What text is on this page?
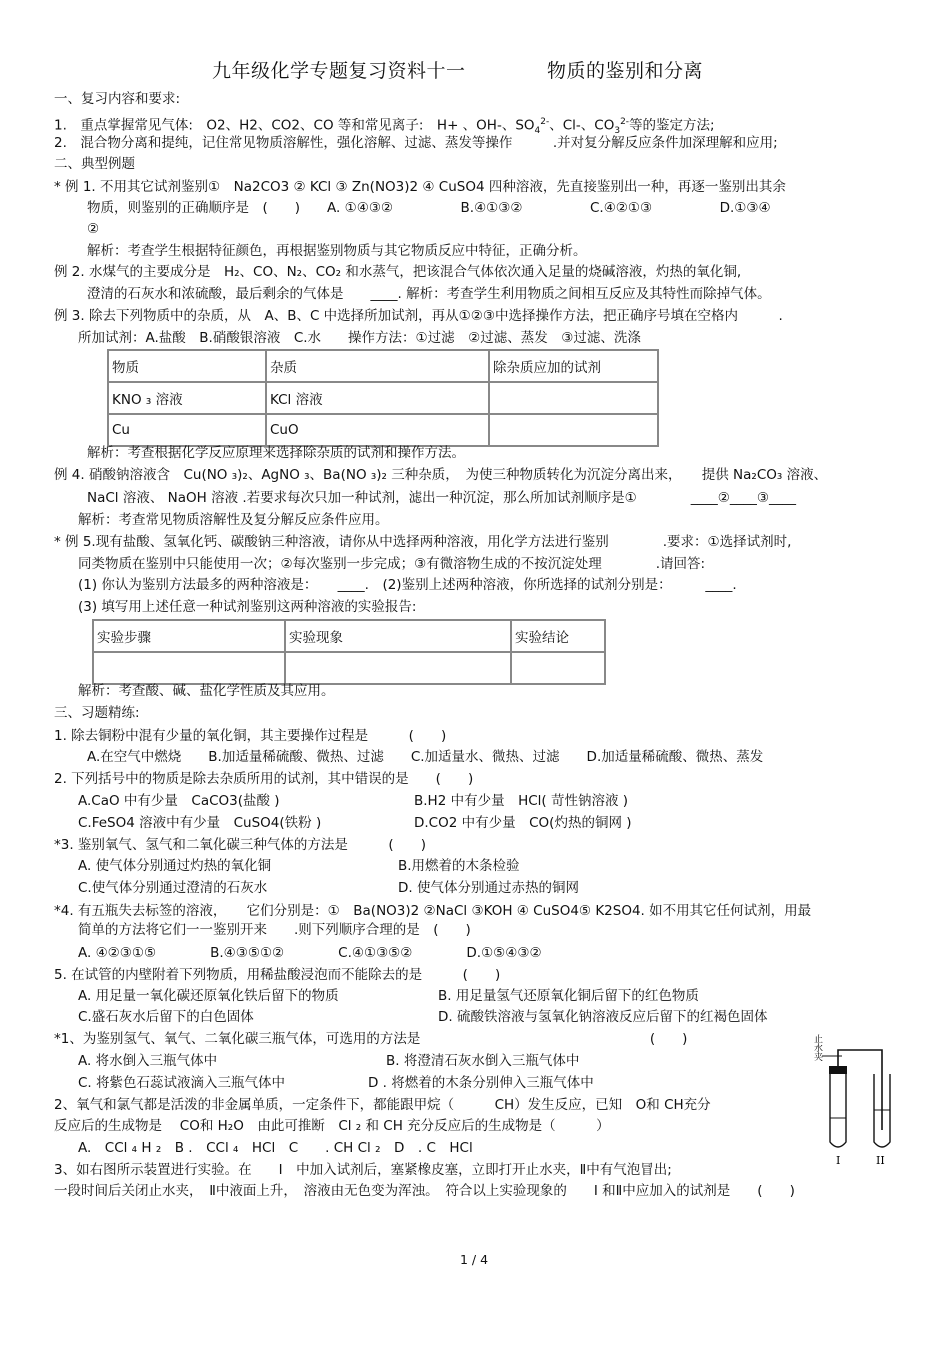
九年级化学专题复习资料十一	物质的鉴别和分离
一、复习内容和要求:
1.　重点掌握常见气体:　O2、H2、CO2、CO 等和常见离子:　H+ 、OH-、$SO_4^{2-}$、Cl-、$CO_3^{2-}$等的鉴定方法;
2.　混合物分离和提纯，记住常见物质溶解性，强化溶解、过滤、蒸发等操作　　　.并对复分解反应条件加深理解和应用;
二、典型例题
* 例 1. 不用其它试剂鉴别①　Na2CO3 ② KCl ③ Zn(NO3)2 ④ CuSO4 四种溶液，先直接鉴别出一种，再逐一鉴别出其余
物质，则鉴别的正确顺序是　(　　)　　A. ①④③②　　　　　B.④①③②　　　　　C.④②①③　　　　　D.①③④
②
解析：考查学生根据特征颜色，再根据鉴别物质与其它物质反应中特征，正确分析。
例 2. 水煤气的主要成分是　H₂、CO、N₂、CO₂ 和水蒸气，把该混合气体依次通入足量的烧碱溶液，灼热的氧化铜,
澄清的石灰水和浓硫酸，最后剩余的气体是　　____. 解析：考查学生利用物质之间相互反应及其特性而除掉气体。
例 3. 除去下列物质中的杂质，从　A、B、C 中选择所加试剂，再从①②③中选择操作方法，把正确序号填在空格内　　　.
所加试剂：A.盐酸　B.硝酸银溶液　C.水　　操作方法：①过滤　②过滤、蒸发　③过滤、洗涤
物质	杂质	除杂质应加的试剂
KNO ₃ 溶液	KCl 溶液	
Cu	CuO	
解析：考查根据化学反应原理来选择除杂质的试剂和操作方法。
例 4. 硝酸钠溶液含　Cu(NO ₃)₂、AgNO ₃、Ba(NO ₃)₂ 三种杂质，　为使三种物质转化为沉淀分离出来，　　提供 Na₂CO₃ 溶液、
NaCl 溶液、 NaOH 溶液 .若要求每次只加一种试剂，滤出一种沉淀，那么所加试剂顺序是①　　　　____②____③____
解析：考查常见物质溶解性及复分解反应条件应用。
* 例 5.现有盐酸、氢氧化钙、碳酸钠三种溶液，请你从中选择两种溶液，用化学方法进行鉴别　　　　.要求：①选择试剂时,
同类物质在鉴别中只能使用一次；②每次鉴别一步完成；③有微溶物生成的不按沉淀处理　　　　.请回答:
(1) 你认为鉴别方法最多的两种溶液是：　　____.　(2)鉴别上述两种溶液，你所选择的试剂分别是：　　　____.
(3) 填写用上述任意一种试剂鉴别这两种溶液的实验报告:
实验步骤	实验现象	实验结论

解析：考查酸、碱、盐化学性质及其应用。
三、习题精练:
1. 除去铜粉中混有少量的氧化铜，其主要操作过程是　　　(　　)
A.在空气中燃烧　　B.加适量稀硫酸、微热、过滤　　C.加适量水、微热、过滤　　D.加适量稀硫酸、微热、蒸发
2. 下列括号中的物质是除去杂质所用的试剂，其中错误的是　　(　　)
A.CaO 中有少量　CaCO3(盐酸 )	B.H2 中有少量　HCl( 苛性钠溶液 )
C.FeSO4 溶液中有少量　CuSO4(铁粉 )	D.CO2 中有少量　CO(灼热的铜网 )
*3. 鉴别氧气、氢气和二氧化碳三种气体的方法是　　　(　　)
A. 使气体分别通过灼热的氧化铜	B.用燃着的木条检验
C.使气体分别通过澄清的石灰水	D. 使气体分别通过赤热的铜网
*4. 有五瓶失去标签的溶液，　　它们分别是：①　Ba(NO3)2 ②NaCl ③KOH ④ CuSO4⑤ K2SO4. 如不用其它任何试剂，用最
简单的方法将它们一一鉴别开来　　.则下列顺序合理的是　(　　)
A. ④②③①⑤　　　　B.④③⑤①②　　　　C.④①③⑤②　　　　D.①⑤④③②
5. 在试管的内壁附着下列物质，用稀盐酸浸泡而不能除去的是　　　(　　)
A. 用足量一氧化碳还原氧化铁后留下的物质	B. 用足量氢气还原氧化铜后留下的红色物质
C.盛石灰水后留下的白色固体	D. 硫酸铁溶液与氢氧化钠溶液反应后留下的红褐色固体
*1、为鉴别氢气、氧气、二氧化碳三瓶气体，可选用的方法是　　　　　　　　　　　　　　　　　(　　)
A. 将水倒入三瓶气体中	B. 将澄清石灰水倒入三瓶气体中
C. 将紫色石蕊试液滴入三瓶气体中	D . 将燃着的木条分别伸入三瓶气体中
2、氧气和氯气都是活泼的非金属单质，一定条件下，都能跟甲烷（　　　CH）发生反应，已知　O和 CH充分
反应后的生成物是　 CO和 H₂O　由此可推断　Cl ₂ 和 CH 充分反应后的生成物是（　　　）
A.　CCl ₄ H ₂　B .　CCl ₄　HCl　C　　. CH Cl ₂　D　. C　HCl
3、如右图所示装置进行实验。在　　Ⅰ　中加入试剂后，塞紧橡皮塞，立即打开止水夹，Ⅱ中有气泡冒出;
一段时间后关闭止水夹，　Ⅱ中液面上升，　溶液由无色变为浑浊。　符合以上实验现象的　　Ⅰ 和Ⅱ中应加入的试剂是　　(　　)
止水夹
I	II
1 / 4
